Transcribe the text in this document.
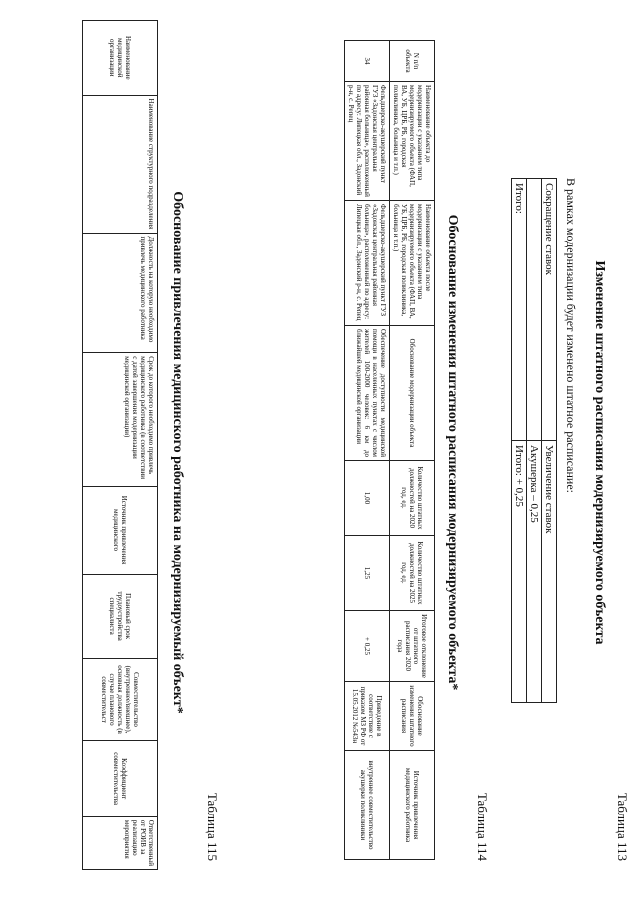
Таблица 113
Изменение штатного расписания модернизируемого объекта
В рамках модернизации будет изменено штатное расписание:
Сокращение ставок	Увеличение ставок
	Акушерка – 0,25
Итого:	Итого: + 0,25
Таблица 114
Обоснование изменения штатного расписания модернизируемого объекта*
N п/п объекта	Наименование объекта до модернизации с указанием типа модернизируемого объекта (ФАП, ВА, УБ, ЦРБ, РБ, городская поликлиника, больница и т.п.)	Наименование объекта после модернизации с указанием типа модернизируемого объекта (ФАП, ВА, УБ, ЦРБ, РБ, городская поликлиника, больница и т.п.)	Обоснование модернизации объекта	Количество штатных должностей на 2020 год, ед.	Количество штатных должностей на 2025 год, ед.	Итоговое отклонение от штатного расписания 2020 года	Обоснование изменения штатного расписания	Источник привлечения медицинского работника
34	Фельдшерско-акушерский пункт ГУЗ «Задонская центральная районная больница», расположенный по адресу: Липецкая обл., Задонский р-н, с. Репец	Фельдшерско-акушерский пункт ГУЗ «Задонская центральная районная больница», расположенный по адресу: Липецкая обл., Задонский р-н, с. Репец	Обеспечение доступности медицинской помощи в населенных пунктах с числом жителей 100-2000 человек: 6 км до ближайшей медицинской организации	1,00	1,25	+ 0,25	Приведение в соответствие с приказом МЗ РФ от 15.05.2012 №543н	внутреннее совместительство акушерки поликлиники
Таблица 115
Обоснование привлечения медицинского работника на модернизируемый объект*
Наименование медицинской организации	Наименование структурного подразделения	Должность на которую необходимо привлечь медицинского работника	Срок до которого необходимо привлечь медицинского работника (в соответствии с датой завершения модернизации медицинской организации)	Источник привлечения медицинского	Плановый срок трудоустройства специалиста	Совместительство (внутреннее/внешнее), основная должность (в случае планового совместительст	Коэффициент совместительства	Ответственный от РОИВ за реализацию мероприятия
